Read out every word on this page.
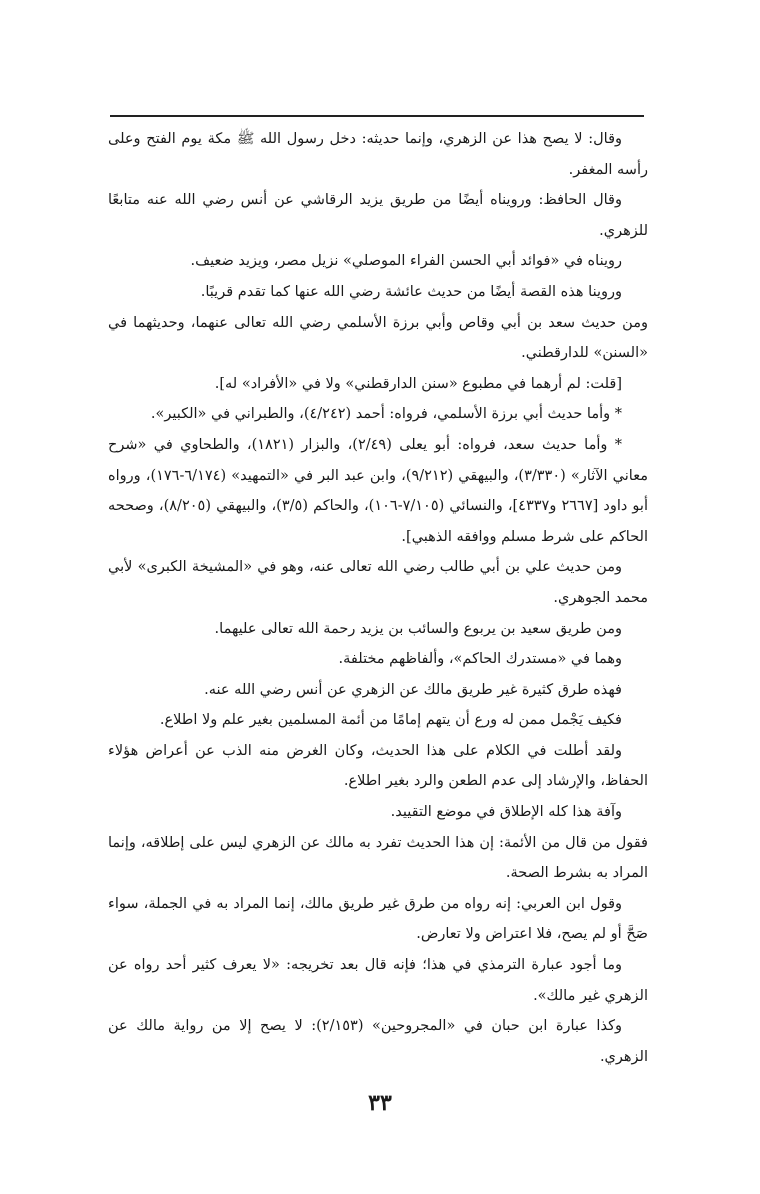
وقال: لا يصح هذا عن الزهري، وإنما حديثه: دخل رسول الله ﷺ مكة يوم الفتح وعلى رأسه المغفر.

وقال الحافظ: ورويناه أيضًا من طريق يزيد الرقاشي عن أنس رضي الله عنه متابعًا للزهري.

رويناه في «فوائد أبي الحسن الفراء الموصلي» نزيل مصر، ويزيد ضعيف.

وروينا هذه القصة أيضًا من حديث عائشة رضي الله عنها كما تقدم قريبًا.

ومن حديث سعد بن أبي وقاص وأبي برزة الأسلمي رضي الله تعالى عنهما، وحديثهما في «السنن» للدارقطني.

[قلت: لم أرهما في مطبوع «سنن الدارقطني» ولا في «الأفراد» له].

* وأما حديث أبي برزة الأسلمي، فرواه: أحمد (٤/٢٤٢)، والطبراني في «الكبير».

* وأما حديث سعد، فرواه: أبو يعلى (٢/٤٩)، والبزار (١٨٢١)، والطحاوي في «شرح معاني الآثار» (٣/٣٣٠)، والبيهقي (٩/٢١٢)، وابن عبد البر في «التمهيد» (٦/١٧٤-١٧٦)، ورواه أبو داود [٢٦٦٧ و٤٣٣٧]، والنسائي (٧/١٠٥-١٠٦)، والحاكم (٣/٥)، والبيهقي (٨/٢٠٥)، وصححه الحاكم على شرط مسلم ووافقه الذهبي].

ومن حديث علي بن أبي طالب رضي الله تعالى عنه، وهو في «المشيخة الكبرى» لأبي محمد الجوهري.

ومن طريق سعيد بن يربوع والسائب بن يزيد رحمة الله تعالى عليهما.

وهما في «مستدرك الحاكم»، وألفاظهم مختلفة.

فهذه طرق كثيرة غير طريق مالك عن الزهري عن أنس رضي الله عنه.

فكيف يَجْمل ممن له ورع أن يتهم إمامًا من أئمة المسلمين بغير علم ولا اطلاع.

ولقد أطلت في الكلام على هذا الحديث، وكان الغرض منه الذب عن أعراض هؤلاء الحفاظ، والإرشاد إلى عدم الطعن والرد بغير اطلاع.

وآفة هذا كله الإطلاق في موضع التقييد.

فقول من قال من الأئمة: إن هذا الحديث تفرد به مالك عن الزهري ليس على إطلاقه، وإنما المراد به بشرط الصحة.

وقول ابن العربي: إنه رواه من طرق غير طريق مالك، إنما المراد به في الجملة، سواء صَحَّ أو لم يصح، فلا اعتراض ولا تعارض.

وما أجود عبارة الترمذي في هذا؛ فإنه قال بعد تخريجه: «لا يعرف كثير أحد رواه عن الزهري غير مالك».

وكذا عبارة ابن حبان في «المجروحين» (٢/١٥٣): لا يصح إلا من رواية مالك عن الزهري.

٣٣
